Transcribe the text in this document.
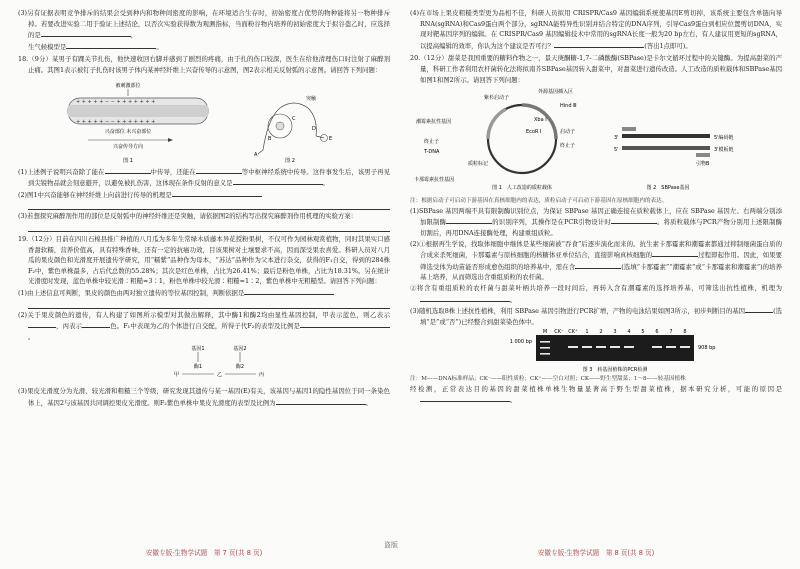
(3)另有证据表明竞争排斥的结果会受到种内和物种间密度的影响，在环境适合生存时，初始密度占优势的物种能将另一物种排斥掉。若要改进实验二用于验证上述结论，以否次实验获得数为观测指标，当面粉谷物内培养的初始密度大于拟谷盗乙时，应选择的是	，

生气候模型是	。

18.（9分）某男子有踝关节扎伤，他快速收回右脚并感到了剧烈的疼痛，由于扎的伤口较深，医生在给他清理伤口时注射了麻醉剂止痛。其图1表示被钉子扎伤时该男子体内某神经纤维上兴奋传导的示意图，图2表示相关反射弧的示意图。请回答下列问题：

被刺激部位
+ + + + + − − + + + + + + +
+ + + + + − − + + + + + + +
兴奋部位 未兴奋部位
兴奋传导方向
图 1
A
B
C
D
E
突触
图 2

(1)上述例子说明兴奋除了能在	中传导，还能在	等中枢神经系统中传导。这件事发生后，该男子再见到尖锐物品就会刻意避开，以避免被扎伤害，这体现在条件反射的意义是	。

(2)图1中兴奋能够在神经纤维上向前进行传导的机理是

(3)若想探究麻醉剂作用的部位是反射弧中的神经纤维还是突触，请依据图2的结构写出探究麻醉剂作用机理的实验方案：

19.（12分）目前在四川石棉县推广种植的八月瓜为多年生常绿木质藤本异花授粉果树，不仅可作为园林观赏植物，同时其果实口感香甜软糯，营养价值高，具有特殊香味，还有一定的抗癌功效，目该果树对土壤要求不高，因而深受果农喜爱。科研人员对八月瓜的果皮颜色和光滑度开展遗传学研究，用“糯紫”品种作为母本，“苏达”品种作为父本进行杂交，获得的F₁自交，得到的284株F₂中，紫色单株最多，占后代总数的55.28%；其次是红色单株，占比为26.41%；最后是粉色单株，占比为18.31%。另在统计光滑度时发现，蓝色单株中较光滑∶粗糙≈3∶1，粉色单株中较光滑∶粗糙≈1∶2，紫色单株中无粗糙型。请回答下列问题：

(1)由上述信息可判断，果皮的颜色由两对独立遗传的等位基因控制，判断依据是

(2)关于果皮颜色的遗传，有人构建了如图所示模型对其做出解释，其中酶1和酶2均由显性基因控制，甲表示蓝色，则乙表示，丙表示	色。F₁中表现为乙的个体进行自交配，所得子代F₂的表型及比例是。

基因1	基因2
酶1	酶2
甲	乙	丙

(3)果皮光滑度分为光滑、较光滑和粗糙三个等级，研究发现其遗传与某一基因(E)有关，该基因与基因1的隐性基因位于同一条染色体上，基因2与该基因共同调控果皮光滑度。则F₂紫色单株中果皮光滑度的表型及比例为	。

安徽专版·生物学试题　第 7 页(共 8 页)
盗版

(4)在市场上果皮粗糙类型更为品相不佳，科研人员拟用 CRISPR/Cas9 基因编辑系统使基因E剪切掉，该系统主要包含单链向导RNA(sgRNA)和Cas9蛋白两个部分，sgRNA能特异性识别并结合特定的DNA序列，引导Cas9蛋白到相应位置剪切DNA，实现对靶基因序列的编辑。在 CRISPR/Cas9 基因编辑技术中常用的sgRNA长度一般为20 bp左右，有人建议用更短的sgRNA，以提高编辑的效率，你认为这个建议是否可行？	(答出1点即可)。

20.（12分）甜菜是我国重要的糖料作物之一，景天庚酮糖-1,7-二磷酸酶(SBPase)是卡尔文循环过程中的关键酶。为提高甜菜的产量，科研工作者利用农杆菌转化法将拟南芥SBPase基因转入甜菜中，对甜菜进行遗传改造。人工改造的质粒载体和SBPase基因如图1和图2所示。请回答下列问题：

外源基因插入区
紫杉启动子
潮霉素抗性基因
终止子
T-DNA
卡那霉素抗性基因
Hind Ⅲ
Xba Ⅰ
EcoR Ⅰ	启动子
终止子
质粒标记
图 1　人工改造的质粒载体
3'
5'
5'编码链
3'模板链
引物B
图 2　SBPase基因

注：根据启动子可启动下游基因在真核细胞内的表达，质粒启动子可启动下游基因在原核细胞内的表达。

(1)SBPase 基因两端不具有限制酶识别位点，为保证 SBPase 基因正确连接在质粒载体上，应在 SBPase 基因左、右两端分别添加限制酶	的识别序列，其操作是在PCR引物设计时	。将质粒载体与PCR产物分别用上述限制酶切割后，再用DNA连接酶处理，构建重组质粒。

(2)①根据再生学说，找取体细胞中继体是某些细菌被“吞食”后逐步演化而来的。抗生素卡那霉素和潮霉素都通过抑制细菌蛋白质的合成来杀死细菌，卡那霉素与原核细胞的核糖体亚单位结合，直接影响真核细胞的	过程即起作用。因此，如果要筛选受体为幼苗能否形成愈伤组织的培养基中，需在含	(选填“卡那霉素”“潮霉素”或“卡那霉素和潮霉素”)的培养基上培养，从而筛选出含重组质粒的农杆菌。

②将含有重组质粒的农杆菌与甜菜叶柄共培养一段时间后，再转入含有潮霉素的选择培养基，可筛选出抗性植株，机理为。

(3)随机选取8株上述抗性植株，利用 SBPase 基因引物进行PCR扩增，产物的电泳结果如图3所示，初步判断目的基因	(选填“是”或“否”)已经整合到甜菜染色体中。

M CK⁻ CK⁺ 1 2 3 4 5 6 7 8
1 000 bp
908 bp
图 3　转基因植株的PCR检测

注：M——DNA标准样品；CK⁻——阳性质粒；CK⁺——空白对照；CK——野生型甜菜；1～8——转基因植株

经检测，正常表达目的基因的甜菜植株单株生物量显著高于野生型甜菜植株，据本研究分析，可能的原因是。

安徽专版·生物学试题　第 8 页(共 8 页)
